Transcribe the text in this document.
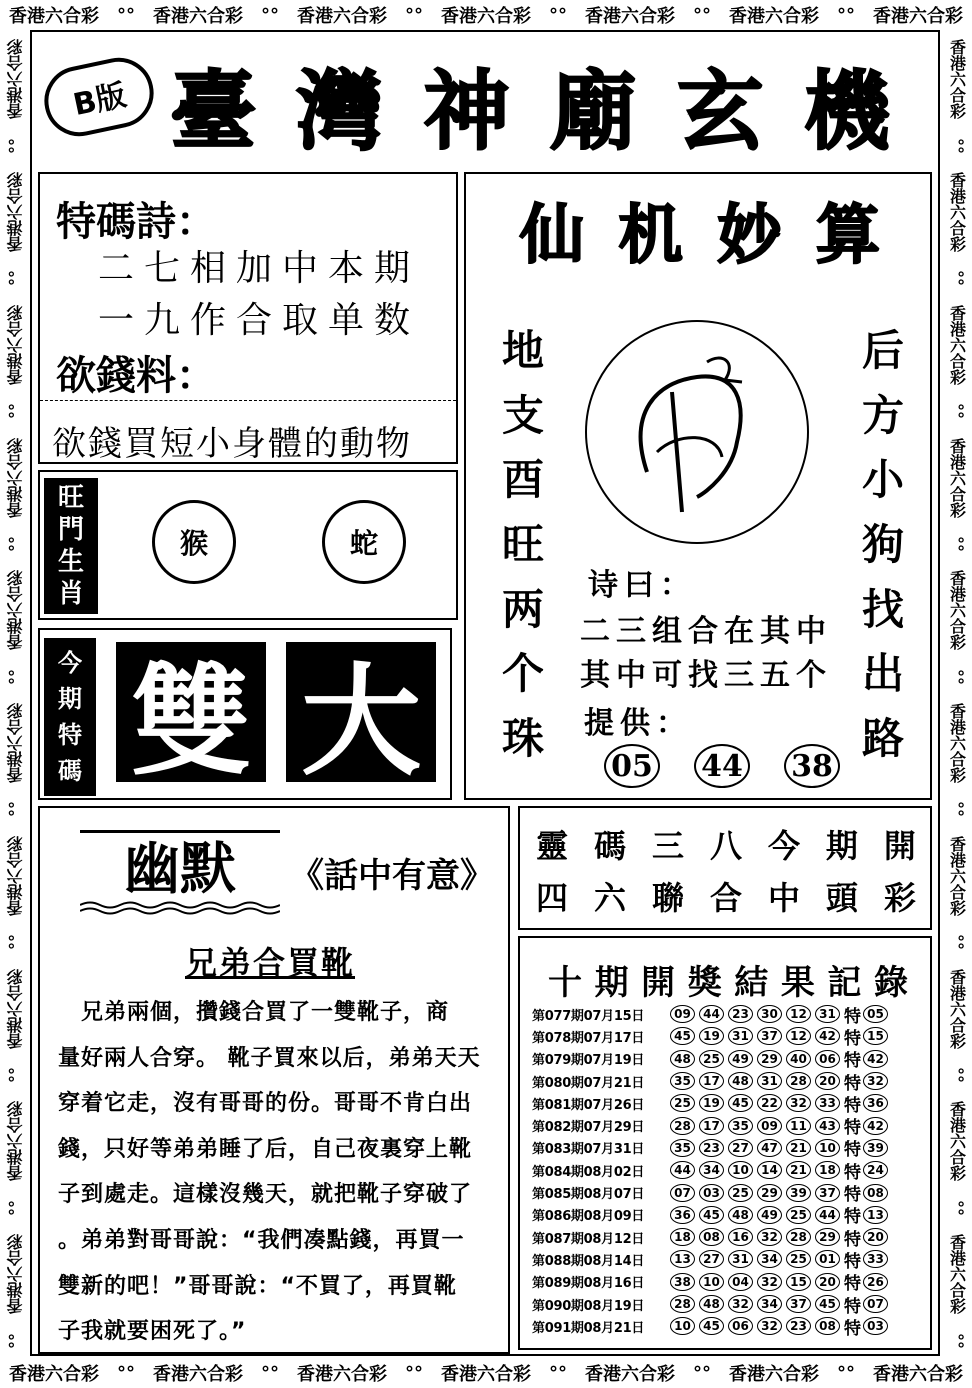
香港六合彩 °° 香港六合彩 °° 香港六合彩 °° 香港六合彩 °° 香港六合彩 °° 香港六合彩 °° 香港六合彩
香港六合彩 °° 香港六合彩 °° 香港六合彩 °° 香港六合彩 °° 香港六合彩 °° 香港六合彩 °° 香港六合彩
香港六合彩
°°
香港六合彩
°°
香港六合彩
°°
香港六合彩
°°
香港六合彩
°°
香港六合彩
°°
香港六合彩
°°
香港六合彩
°°
香港六合彩
°°
香港六合彩
°°
香港六合彩
°°
香港六合彩
°°
香港六合彩
°°
香港六合彩
°°
香港六合彩
°°
香港六合彩
°°
香港六合彩
°°
香港六合彩
°°
香港六合彩
°°
香港六合彩
°°
B版 臺 灣 神 廟 玄 機
特碼詩：
二七相加中本期
一九作合取单数
欲錢料：
欲錢買短小身體的動物
旺
門
生
肖
猴	蛇
今
期
特
碼 雙 大
仙 机 妙 算
地
支
酉
旺
两
个
珠
后
方
小
狗
找
出
路
诗曰：
二三组合在其中
其中可找三五个
提供：
05 44 38
幽默	《話中有意》
兄弟合買靴
　兄弟兩個，攢錢合買了一雙靴子，商
量好兩人合穿。 靴子買來以后，弟弟天天
穿着它走，沒有哥哥的份。哥哥不肯白出
錢，只好等弟弟睡了后，自己夜裏穿上靴
子到處走。這樣沒幾天，就把靴子穿破了
。弟弟對哥哥說：“我們凑點錢，再買一
雙新的吧！”哥哥說：“不買了，再買靴
子我就要困死了。”
靈 碼 三 八 今 期 開
四 六 聯 合 中 頭 彩
十 期 開 獎 結 果 記 錄
第077期07月15日	09	44	23	30	12	31 特 05
第078期07月17日	45	19	31	37	12	42 特 15
第079期07月19日	48	25	49	29	40	06 特 42
第080期07月21日	35	17	48	31	28	20 特 32
第081期07月26日	25	19	45	22	32	33 特 36
第082期07月29日	28	17	35	09	11	43 特 42
第083期07月31日	35	23	27	47	21	10 特 39
第084期08月02日	44	34	10	14	21	18 特 24
第085期08月07日	07	03	25	29	39	37 特 08
第086期08月09日	36	45	48	49	25	44 特 13
第087期08月12日	18	08	16	32	28	29 特 20
第088期08月14日	13	27	31	34	25	01 特 33
第089期08月16日	38	10	04	32	15	20 特 26
第090期08月19日	28	48	32	34	37	45 特 07
第091期08月21日	10	45	06	32	23	08 特 03
